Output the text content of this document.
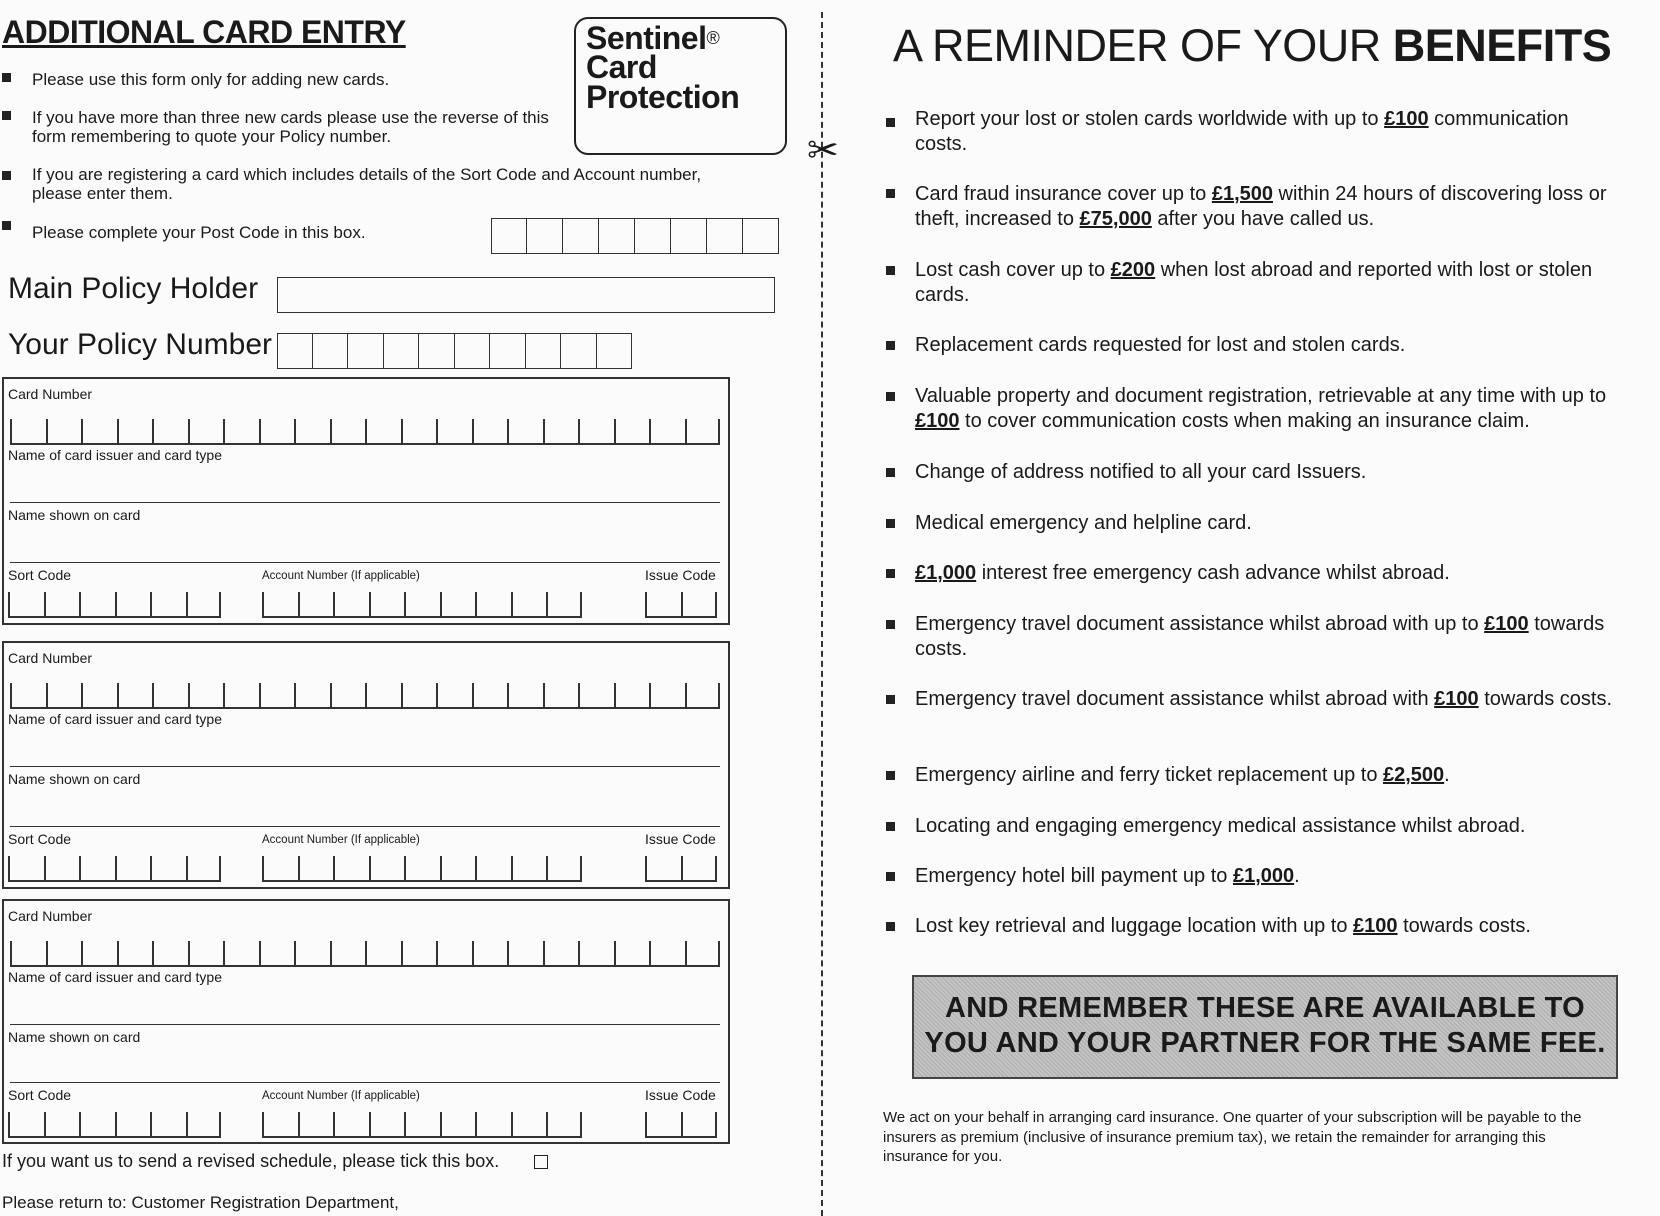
ADDITIONAL CARD ENTRY
Please use this form only for adding new cards.
If you have more than three new cards please use the reverse of this form remembering to quote your Policy number.
If you are registering a card which includes details of the Sort Code and Account number, please enter them.
Please complete your Post Code in this box.
Sentinel®
Card
Protection
✂
Main Policy Holder
Your Policy Number
Card Number
Name of card issuer and card type
Name shown on card
Sort Code	Account Number (If applicable)	Issue Code
Card Number
Name of card issuer and card type
Name shown on card
Sort Code	Account Number (If applicable)	Issue Code
Card Number
Name of card issuer and card type
Name shown on card
Sort Code	Account Number (If applicable)	Issue Code
If you want us to send a revised schedule, please tick this box.
Please return to: Customer Registration Department,
A REMINDER OF YOUR BENEFITS
Report your lost or stolen cards worldwide with up to £100 communication costs.
Card fraud insurance cover up to £1,500 within 24 hours of discovering loss or theft, increased to £75,000 after you have called us.
Lost cash cover up to £200 when lost abroad and reported with lost or stolen cards.
Replacement cards requested for lost and stolen cards.
Valuable property and document registration, retrievable at any time with up to £100 to cover communication costs when making an insurance claim.
Change of address notified to all your card Issuers.
Medical emergency and helpline card.
£1,000 interest free emergency cash advance whilst abroad.
Emergency travel document assistance whilst abroad with up to £100 towards costs.
Emergency travel document assistance whilst abroad with £100 towards costs.
Emergency airline and ferry ticket replacement up to £2,500.
Locating and engaging emergency medical assistance whilst abroad.
Emergency hotel bill payment up to £1,000.
Lost key retrieval and luggage location with up to £100 towards costs.
AND REMEMBER THESE ARE AVAILABLE TO
YOU AND YOUR PARTNER FOR THE SAME FEE.
We act on your behalf in arranging card insurance. One quarter of your subscription will be payable to the insurers as premium (inclusive of insurance premium tax), we retain the remainder for arranging this insurance for you.
